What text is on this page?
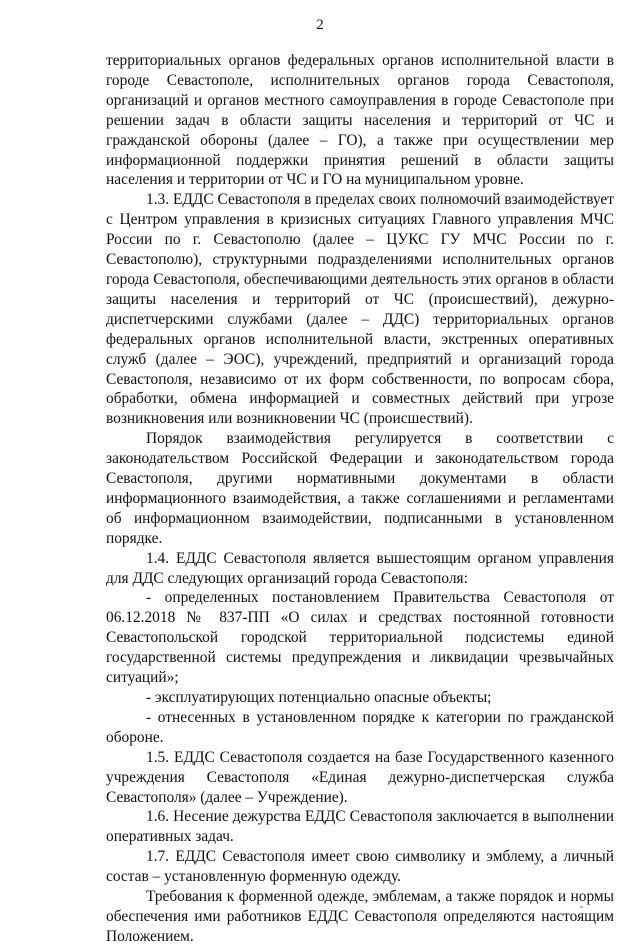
2

территориальных органов федеральных органов исполнительной власти в городе Севастополе, исполнительных органов города Севастополя, организаций и органов местного самоуправления в городе Севастополе при решении задач в области защиты населения и территорий от ЧС и гражданской обороны (далее – ГО), а также при осуществлении мер информационной поддержки принятия решений в области защиты населения и территории от ЧС и ГО на муниципальном уровне.

1.3. ЕДДС Севастополя в пределах своих полномочий взаимодействует с Центром управления в кризисных ситуациях Главного управления МЧС России по г. Севастополю (далее – ЦУКС ГУ МЧС России по г. Севастополю), структурными подразделениями исполнительных органов города Севастополя, обеспечивающими деятельность этих органов в области защиты населения и территорий от ЧС (происшествий), дежурно-диспетчерскими службами (далее – ДДС) территориальных органов федеральных органов исполнительной власти, экстренных оперативных служб (далее – ЭОС), учреждений, предприятий и организаций города Севастополя, независимо от их форм собственности, по вопросам сбора, обработки, обмена информацией и совместных действий при угрозе возникновения или возникновении ЧС (происшествий).

Порядок взаимодействия регулируется в соответствии с законодательством Российской Федерации и законодательством города Севастополя, другими нормативными документами в области информационного взаимодействия, а также соглашениями и регламентами об информационном взаимодействии, подписанными в установленном порядке.

1.4. ЕДДС Севастополя является вышестоящим органом управления для ДДС следующих организаций города Севастополя:

- определенных постановлением Правительства Севастополя от 06.12.2018 № 837-ПП «О силах и средствах постоянной готовности Севастопольской городской территориальной подсистемы единой государственной системы предупреждения и ликвидации чрезвычайных ситуаций»;

- эксплуатирующих потенциально опасные объекты;

- отнесенных в установленном порядке к категории по гражданской обороне.

1.5. ЕДДС Севастополя создается на базе Государственного казенного учреждения Севастополя «Единая дежурно-диспетчерская служба Севастополя» (далее – Учреждение).

1.6. Несение дежурства ЕДДС Севастополя заключается в выполнении оперативных задач.

1.7. ЕДДС Севастополя имеет свою символику и эмблему, а личный состав – установленную форменную одежду.

Требования к форменной одежде, эмблемам, а также порядок и нормы обеспечения ими работников ЕДДС Севастополя определяются настоящим Положением.
